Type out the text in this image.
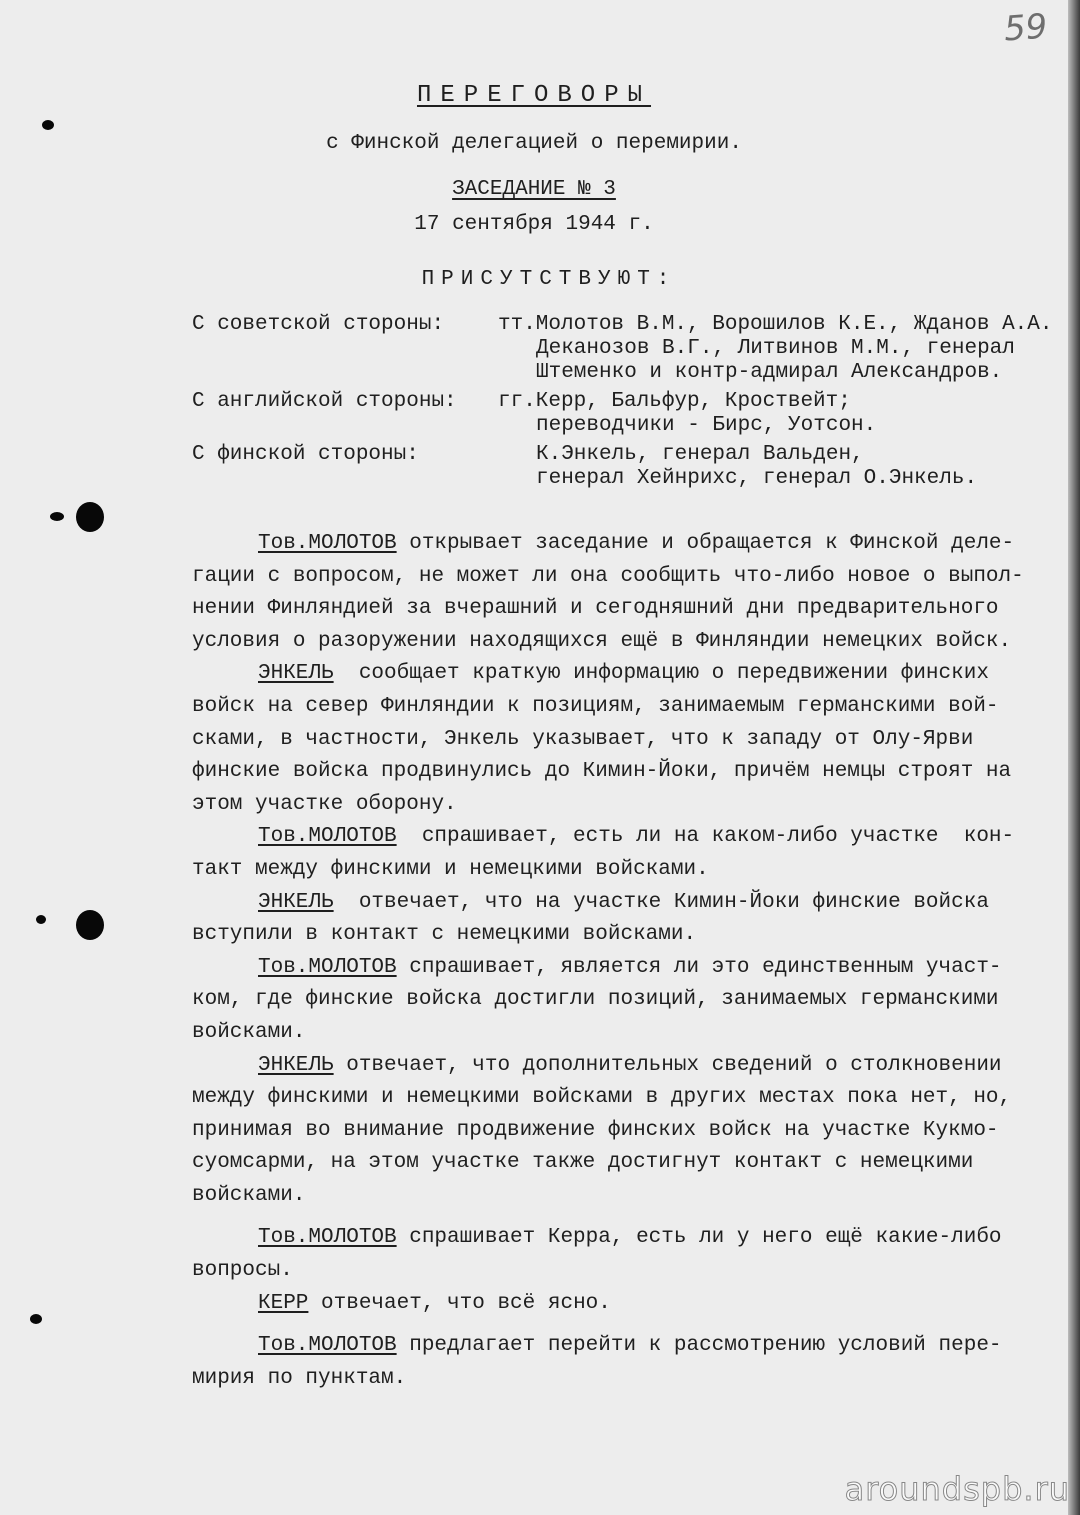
59
ПЕРЕГОВОРЫ
с Финской делегацией о перемирии.
ЗАСЕДАНИЕ № 3
17 сентября 1944 г.
ПРИСУТСТВУЮТ:
С советской стороны:	тт.Молотов В.М., Ворошилов К.Е., Жданов А.А.
Деканозов В.Г., Литвинов М.М., генерал
Штеменко и контр-адмирал Александров.
С английской стороны: гг.Керр, Бальфур, Кроствейт;
переводчики - Бирс, Уотсон.
С финской стороны:	К.Энкель, генерал Вальден,
генерал Хейнрихс, генерал О.Энкель.
Тов.МОЛОТОВ открывает заседание и обращается к Финской деле-
гации с вопросом, не может ли она сообщить что-либо новое о выпол-
нении Финляндией за вчерашний и сегодняшний дни предварительного
условия о разоружении находящихся ещё в Финляндии немецких войск.
ЭНКЕЛЬ  сообщает краткую информацию о передвижении финских
войск на север Финляндии к позициям, занимаемым германскими вой-
сками, в частности, Энкель указывает, что к западу от Олу-Ярви
финские войска продвинулись до Кимин-Йоки, причём немцы строят на
этом участке оборону.
Тов.МОЛОТОВ  спрашивает, есть ли на каком-либо участке  кон-
такт между финскими и немецкими войсками.
ЭНКЕЛЬ  отвечает, что на участке Кимин-Йоки финские войска
вступили в контакт с немецкими войсками.
Тов.МОЛОТОВ спрашивает, является ли это единственным участ-
ком, где финские войска достигли позиций, занимаемых германскими
войсками.
ЭНКЕЛЬ отвечает, что дополнительных сведений о столкновении
между финскими и немецкими войсками в других местах пока нет, но,
принимая во внимание продвижение финских войск на участке Кукмо-
суомсарми, на этом участке также достигнут контакт с немецкими
войсками.
Тов.МОЛОТОВ спрашивает Керра, есть ли у него ещё какие-либо
вопросы.
КЕРР отвечает, что всё ясно.
Тов.МОЛОТОВ предлагает перейти к рассмотрению условий пере-
мирия по пунктам.
aroundspb.ru
